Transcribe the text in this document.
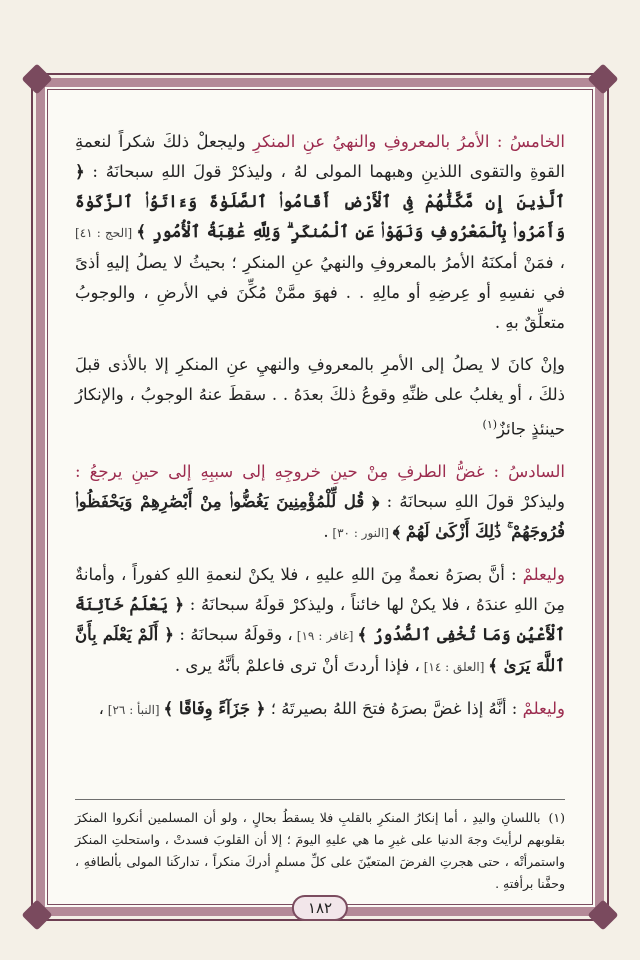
الخامسُ : الأمرُ بالمعروفِ والنهيُ عنِ المنكرِ وليجعلْ ذلكَ شكراً لنعمةِ القوةِ والتقوى اللذينِ وهبهما المولى لهُ ، وليذكرْ قولَ اللهِ سبحانَهُ : ﴿ ٱلَّذِينَ إِن مَّكَّنَّٰهُمْ فِى ٱلْأَرْضِ أَقَامُوا۟ ٱلصَّلَوٰةَ وَءَاتَوُا۟ ٱلزَّكَوٰةَ وَأَمَرُوا۟ بِٱلْمَعْرُوفِ وَنَهَوْا۟ عَنِ ٱلْمُنكَرِ ۗ وَلِلَّهِ عَٰقِبَةُ ٱلْأُمُورِ ﴾ [الحج : ٤١] ، فمَنْ أمكنَهُ الأمرُ بالمعروفِ والنهيُ عنِ المنكرِ ؛ بحيثُ لا يصلُ إليهِ أذىً في نفسِهِ أو عِرضِهِ أو مالِهِ . . فهوَ ممَّنْ مُكِّنَ في الأرضِ ، والوجوبُ متعلِّقٌ بهِ .

وإنْ كانَ لا يصلُ إلى الأمرِ بالمعروفِ والنهيِ عنِ المنكرِ إلا بالأذى قبلَ ذلكَ ، أو يغلبُ على ظنِّهِ وقوعُ ذلكَ بعدَهُ . . سقطَ عنهُ الوجوبُ ، والإنكارُ حينئذٍ جائزٌ$^{(١)}$

السادسُ : غضُّ الطرفِ مِنْ حينِ خروجِهِ إلى سببِهِ إلى حينِ يرجعُ : وليذكرْ قولَ اللهِ سبحانَهُ : ﴿ قُل لِّلْمُؤْمِنِينَ يَغُضُّوا۟ مِنْ أَبْصَٰرِهِمْ وَيَحْفَظُوا۟ فُرُوجَهُمْ ۚ ذَٰلِكَ أَزْكَىٰ لَهُمْ ﴾ [النور : ٣٠] .

وليعلمْ : أنَّ بصرَهُ نعمةٌ مِنَ اللهِ عليهِ ، فلا يكنْ لنعمةِ اللهِ كفوراً ، وأمانةٌ مِنَ اللهِ عندَهُ ، فلا يكنْ لها خائناً ، وليذكرْ قولَهُ سبحانَهُ : ﴿ يَعْلَمُ خَآئِنَةَ ٱلْأَعْيُنِ وَمَا تُخْفِى ٱلصُّدُورُ ﴾ [غافر : ١٩] ، وقولَهُ سبحانَهُ : ﴿ أَلَمْ يَعْلَم بِأَنَّ ٱللَّهَ يَرَىٰ ﴾ [العلق : ١٤] ، فإذا أردتَ أنْ ترى فاعلمْ بأنَّهُ يرى .

وليعلمْ : أنَّهُ إذا غضَّ بصرَهُ فتحَ اللهُ بصيرتَهُ ؛ ﴿ جَزَآءً وِفَاقًا ﴾ [النبأ : ٢٦] ،

(١)باللسانِ واليدِ ، أما إنكارُ المنكرِ بالقلبِ فلا يسقطُ بحالٍ ، ولو أن المسلمين أنكروا المنكرَ بقلوبهم لرأيتَ وجهَ الدنيا على غيرِ ما هي عليهِ اليومَ ؛ إلا أن القلوبَ فسدتْ ، واستحلتِ المنكرَ واستمرأتْه ، حتى هجرتِ الفرضَ المتعيّنَ على كلِّ مسلمٍ أدركَ منكراً ، تداركَنا المولى بألطافهِ ، وحفَّنا برأفتهِ .
١٨٢
